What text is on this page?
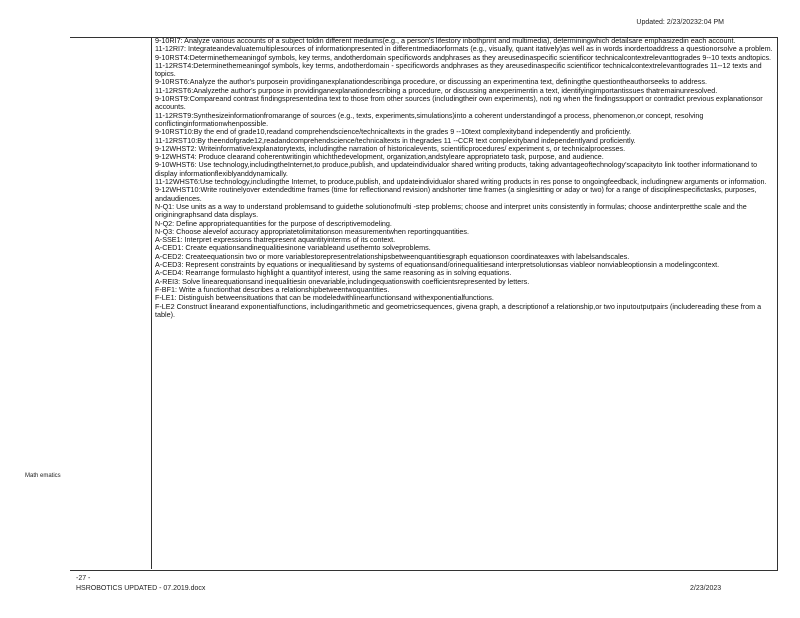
Updated: 2/23/20232:04 PM
Math ematics

9-10RI7: Analyze various accounts of a subject toldin different mediums(e.g., a person's lifestory inbothprint and multimedia), determiningwhich detailsare emphasizedin each account.

11-12RI7: Integrateandevaluatemultiplesources of informationpresented in differentmediaorformats (e.g., visually, quant itatively)as well as in words inordertoaddress a questionorsolve a problem.

9-10RST4:Determinethemeaningof symbols, key terms, andotherdomain specificwords andphrases as they areusedinaspecific scientificor technicalcontextrelevanttogrades 9--10 texts andtopics.

11-12RST4:Determinethemeaningof symbols, key terms, andotherdomain - specificwords andphrases as they areusedinaspecific scientificor technicalcontextrelevanttogrades 11--12 texts and topics.

9-10RST6:Analyze the author's purposein providinganexplanationdescribinga procedure, or discussing an experimentina text, definingthe questiontheauthorseeks to address.

11-12RST6:Analyzethe author's purpose in providinganexplanationdescribing a procedure, or discussing anexperimentin a text, identifyingimportantissues thatremainunresolved.

9-10RST9:Compareand contrast findingspresentedina text to those from other sources (includingtheir own experiments), noti ng when the findingssupport or contradict previous explanationsor accounts.

11-12RST9:Synthesizeinformationfromarange of sources (e.g., texts, experiments,simulations)into a coherent understandingof a process, phenomenon,or concept, resolving conflictinginformationwhenpossible.

9-10RST10:By the end of grade10,readand comprehendscience/technicaltexts in the grades 9 --10text complexityband independently and proficiently.

11-12RST10:By theendofgrade12,readandcomprehendscience/technicaltexts in thegrades 11 --CCR text complexityband independentlyand proficiently.

9-12WHST2: Writeinformative/explanatorytexts, includingthe narration of historicalevents, scientificprocedures/ experiment s, or technicalprocesses.

9-12WHST4: Produce clearand coherentwritingin whichthedevelopment, organization,andstyleare appropriateto task, purpose, and audience.

9-10WHST6: Use technology,includingtheInternet,to produce,publish, and updateindividualor shared writing products, taking advantageoftechnology'scapacityto link toother informationand to display informationflexiblyanddynamically.

11-12WHST6:Use technology,includingthe Internet, to produce,publish, and updateindividualor shared writing products in res ponse to ongoingfeedback, includingnew arguments or information.

9-12WHST10:Write routinelyover extendedtime frames (time for reflectionand revision) andshorter time frames (a singlesitting or aday or two) for a range of disciplinespecifictasks, purposes, andaudiences.

N-Q1: Use units as a way to understand problemsand to guidethe solutionofmulti -step problems; choose and interpret units consistently in formulas; choose andinterpretthe scale and the originingraphsand data displays.

N-Q2: Define appropriatequantities for the purpose of descriptivemodeling.

N-Q3: Choose alevelof accuracy appropriatetolimitationson measurementwhen reportingquantities.

A-SSE1: Interpret expressions thatrepresent aquantityinterms of its context.

A-CED1: Create equationsandinequalitiesinone variableand usethemto solveproblems.

A-CED2: Createequationsin two or more variablestorepresentrelationshipsbetweenquantitiesgraph equationson coordinateaxes with labelsandscales.

A-CED3: Represent constraints by equations or inequalitiesand by systems of equationsand/orinequalitiesand interpretsolutionsas viableor nonviableoptionsin a modelingcontext.

A-CED4: Rearrange formulasto highlight a quantityof interest, using the same reasoning as in solving equations.

A-REI3: Solve linearequationsand inequalitiesin onevariable,includingequationswith coefficientsrepresented by letters.

F-BF1: Write a functionthat describes a relationshipbetweentwoquantities.

F-LE1: Distinguish betweensituations that can be modeledwithlinearfunctionsand withexponentialfunctions.

F-LE2 Construct linearand exponentialfunctions, includingarithmetic and geometricsequences, givena graph, a descriptionof a relationship,or two inputoutputpairs (includereading these from a table).

-27 -
HSROBOTICS UPDATED - 07.2019.docx	2/23/2023
